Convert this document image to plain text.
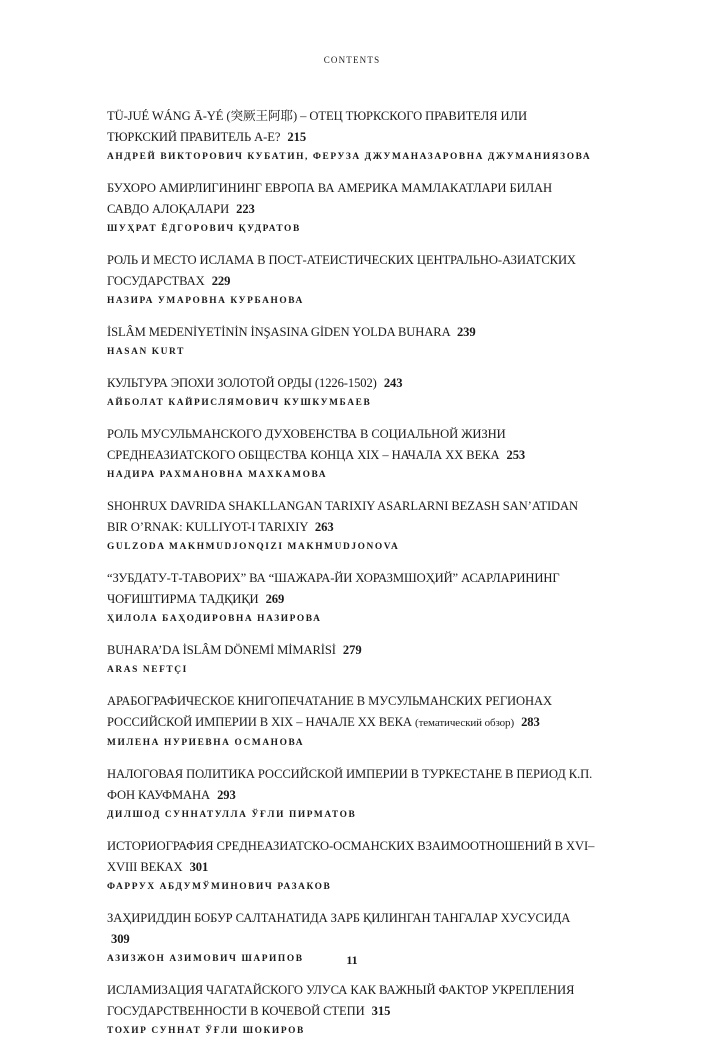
CONTENTS
TÜ-JUÉ WÁNG Ā-YÉ (突厥王阿耶) – ОТЕЦ ТЮРКСКОГО ПРАВИТЕЛЯ ИЛИ ТЮРКСКИЙ ПРАВИТЕЛЬ А-Е? 215
АНДРЕЙ ВИКТОРОВИЧ КУБАТИН, ФЕРУЗА ДЖУМАНАЗАРОВНА ДЖУМАНИЯЗОВА
БУХОРО АМИРЛИГИНИНГ ЕВРОПА ВА АМЕРИКА МАМЛАКАТЛАРИ БИЛАН САВДО АЛОҚАЛАРИ 223
ШУҲРАТ ЁДГОРОВИЧ ҚУДРАТОВ
РОЛЬ И МЕСТО ИСЛАМА В ПОСТ-АТЕИСТИЧЕСКИХ ЦЕНТРАЛЬНО-АЗИАТСКИХ ГОСУДАРСТВАХ 229
НАЗИРА УМАРОВНА КУРБАНОВА
İSLÂM MEDENİYETİNİN İNŞASINA GİDEN YOLDA BUHARA 239
HASAN KURT
КУЛЬТУРА ЭПОХИ ЗОЛОТОЙ ОРДЫ (1226-1502) 243
АЙБОЛАТ КАЙРИСЛЯМОВИЧ КУШКУМБАЕВ
РОЛЬ МУСУЛЬМАНСКОГО ДУХОВЕНСТВА В СОЦИАЛЬНОЙ ЖИЗНИ СРЕДНЕАЗИАТСКОГО ОБЩЕСТВА КОНЦА XIX – НАЧАЛА XX ВЕКА 253
НАДИРА РАХМАНОВНА МАХКАМОВА
SHOHRUX DAVRIDA SHAKLLANGAN TARIXIY ASARLARNI BEZASH SAN’ATIDAN BIR O’RNAK: KULLIYOT-I TARIXIY 263
GULZODA MAKHMUDJONQIZI MAKHMUDJONOVA
“ЗУБДАТУ-Т-ТАВОРИХ” ВА “ШАЖАРА-ЙИ ХОРАЗМШОҲИЙ” АСАРЛАРИНИНГ ЧОҒИШТИРМА ТАДҚИҚИ 269
ҲИЛОЛА БАҲОДИРОВНА НАЗИРОВА
BUHARA’DA İSLÂM DÖNEMİ MİMARİSİ 279
ARAS NEFTÇI
АРАБОГРАФИЧЕСКОЕ КНИГОПЕЧАТАНИЕ В МУСУЛЬМАНСКИХ РЕГИОНАХ РОССИЙСКОЙ ИМПЕРИИ В XIX – НАЧАЛЕ XX ВЕКА (тематический обзор) 283
МИЛЕНА НУРИЕВНА ОСМАНОВА
НАЛОГОВАЯ ПОЛИТИКА РОССИЙСКОЙ ИМПЕРИИ В ТУРКЕСТАНЕ В ПЕРИОД К.П. ФОН КАУФМАНА 293
ДИЛШОД СУННАТУЛЛА ЎҒЛИ ПИРМАТОВ
ИСТОРИОГРАФИЯ СРЕДНЕАЗИАТСКО-ОСМАНСКИХ ВЗАИМООТНОШЕНИЙ В XVI–XVIII ВЕКАХ 301
ФАРРУХ АБДУМЎМИНОВИЧ РАЗАКОВ
ЗАҲИРИДДИН БОБУР САЛТАНАТИДА ЗАРБ ҚИЛИНГАН ТАНГАЛАР ХУСУСИДА 309
АЗИЗЖОН АЗИМОВИЧ ШАРИПОВ
ИСЛАМИЗАЦИЯ ЧАГАТАЙСКОГО УЛУСА КАК ВАЖНЫЙ ФАКТОР УКРЕПЛЕНИЯ ГОСУДАРСТВЕННОСТИ В КОЧЕВОЙ СТЕПИ 315
ТОХИР СУННАТ ЎҒЛИ ШОКИРОВ
11
